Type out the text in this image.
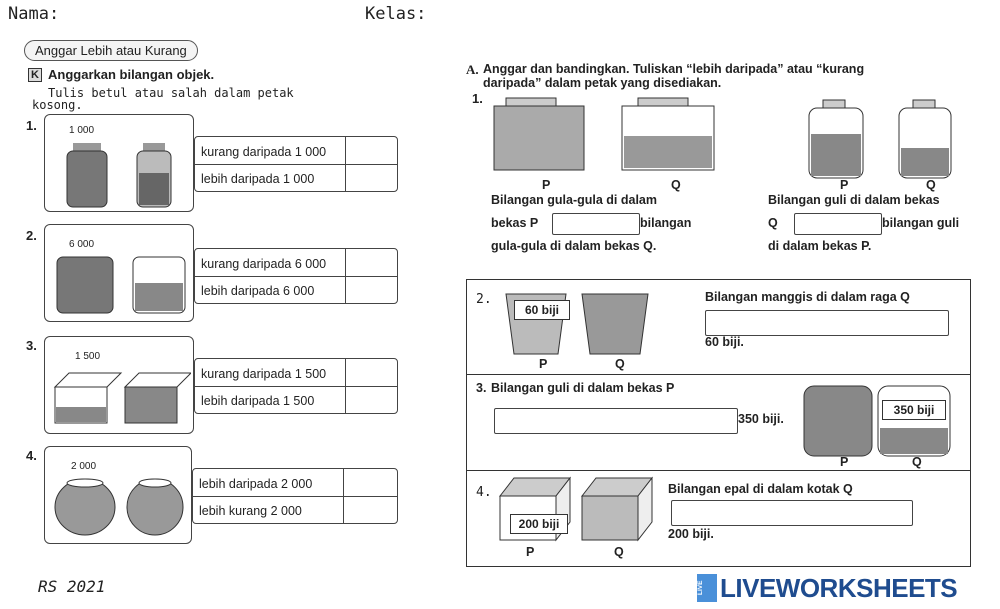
Nama:	Kelas:
Anggar Lebih atau Kurang
K Anggarkan bilangan objek.
Tulis betul atau salah dalam petak
kosong.
1.	1 000
kurang daripada 1 000
lebih daripada 1 000
2.
6 000
kurang daripada 6 000
lebih daripada 6 000
3.
1 500
kurang daripada 1 500
lebih daripada 1 500
4.
2 000
lebih daripada 2 000
lebih kurang 2 000
A. Anggar dan bandingkan. Tuliskan “lebih daripada” atau “kurang
daripada” dalam petak yang disediakan.
1.
P	Q
Bilangan gula-gula di dalam
bekas P	bilangan
gula-gula di dalam bekas Q.
P	Q
Bilangan guli di dalam bekas
Q	bilangan guli
di dalam bekas P.
2.
60 biji
P	Q
Bilangan manggis di dalam raga Q
60 biji.
3. Bilangan guli di dalam bekas P
350 biji.
350 biji
P	Q
4.
200 biji
P	Q
Bilangan epal di dalam kotak Q
200 biji.
RS 2021	LIVE LIVEWORKSHEETS
